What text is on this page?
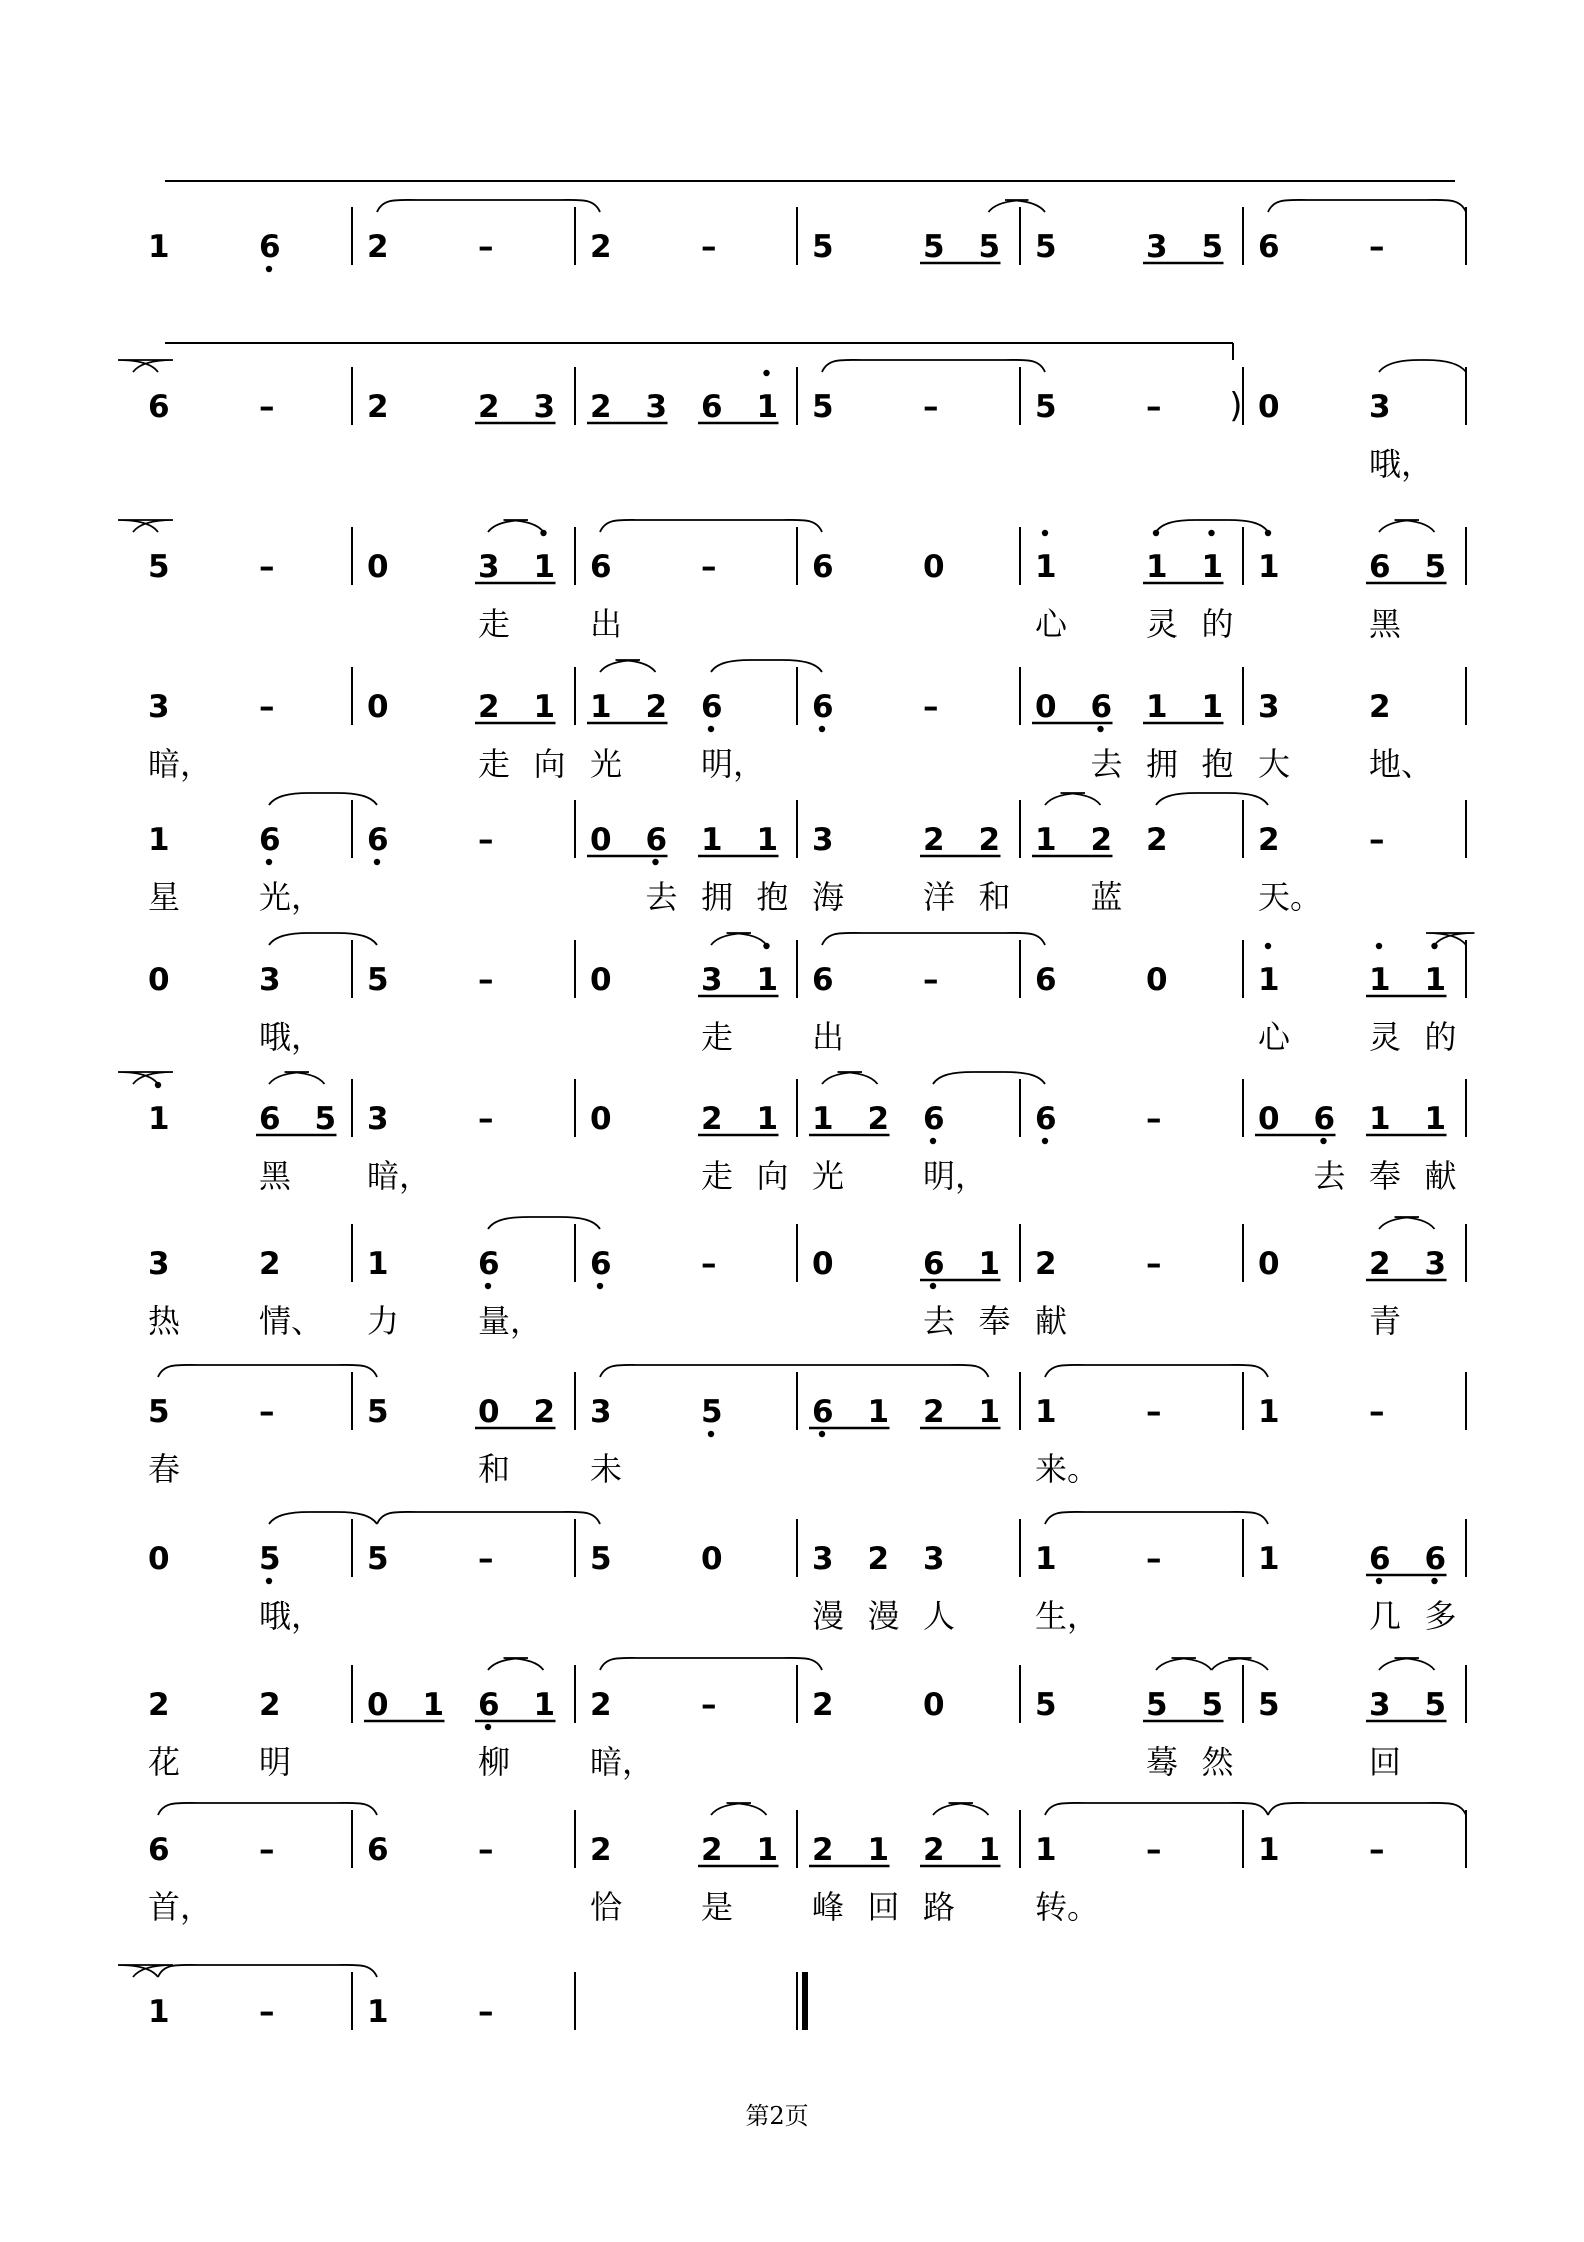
1	6	2	–	2	–	5	5 5 5	3 5 6	–
6	–	2	2 3 2 3 6 1 5	–	5	– ) 0	3
哦，
5	–	0	3 1 6	–	6	0	1	1 1 1	6 5
走 出	心 灵 的	黑
3	–	0	2 1 1 2 6	6	–	0 6 1 1 3	2
暗，	走 向 光 明，	去 拥 抱 大 地、
1	6	6	–	0 6 1 1 3	2 2 1 2 2	2	–
星 光，	去 拥 抱 海 洋 和 蓝	天。
0	3	5	–	0	3 1 6	–	6	0	1	1 1
哦，	走 出	心 灵 的
1	6 5 3	–	0	2 1 1 2 6	6	–	0 6 1 1
黑 暗，	走 向 光 明，	去 奉 献
3	2	1	6	6	–	0	6 1 2	–	0	2 3
热 情、 力 量，	去 奉 献	青
5	–	5	0 2 3	5	6 1 2 1 1	–	1	–
春	和 未	来。
0	5	5	–	5	0	3 2 3	1	–	1	6 6
哦，	漫 漫 人 生，	几 多
2	2	0 1 6 1 2	–	2	0	5	5 5 5	3 5
花 明	柳 暗，	蓦 然	回
6	–	6	–	2	2 1 2 1 2 1 1	–	1	–
首，	恰 是 峰 回 路 转。
1	–	1	–
第2页
